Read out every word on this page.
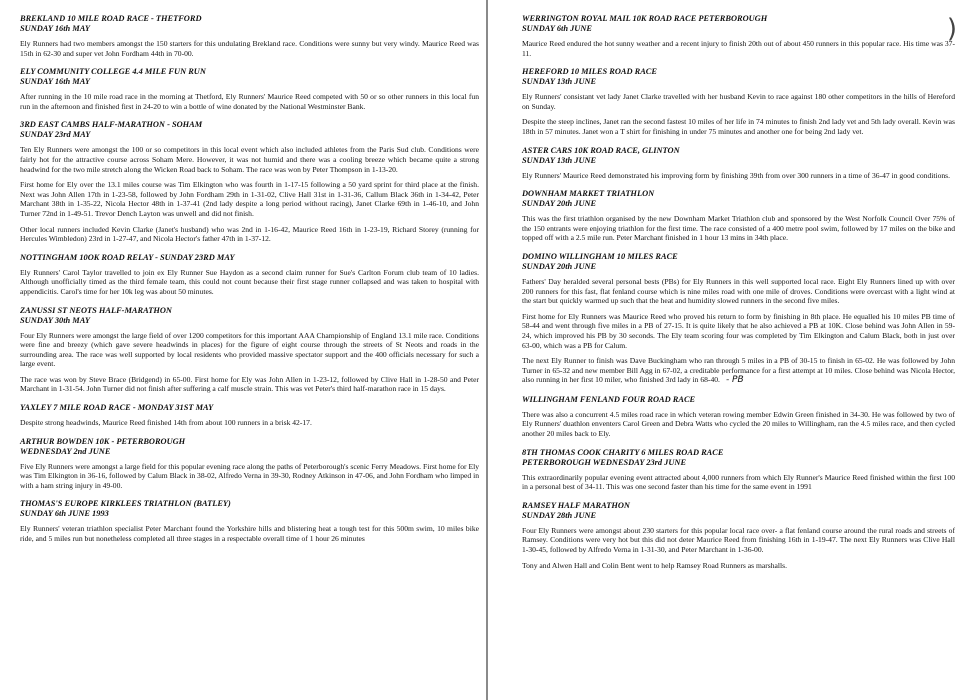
BREKLAND 10 MILE ROAD RACE - THETFORD
SUNDAY 16th MAY

Ely Runners had two members amongst the 150 starters for this undulating Brekland race. Conditions were sunny but very windy. Maurice Reed was 15th in 62-30 and super vet John Fordham 44th in 70-00.

ELY COMMUNITY COLLEGE 4.4 MILE FUN RUN
SUNDAY 16th MAY

After running in the 10 mile road race in the morning at Thetford, Ely Runners' Maurice Reed competed with 50 or so other runners in this local fun run in the afternoon and finished first in 24-20 to win a bottle of wine donated by the National Westminster Bank.

3RD EAST CAMBS HALF-MARATHON - SOHAM
SUNDAY 23rd MAY

Ten Ely Runners were amongst the 100 or so competitors in this local event which also included athletes from the Paris Sud club. Conditions were fairly hot for the attractive course across Soham Mere. However, it was not humid and there was a cooling breeze which became quite a strong headwind for the two mile stretch along the Wicken Road back to Soham. The race was won by Peter Thompson in 1-13-20.

First home for Ely over the 13.1 miles course was Tim Elkington who was fourth in 1-17-15 following a 50 yard sprint for third place at the finish. Next was John Allen 17th in 1-23-58, followed by John Fordham 29th in 1-31-02, Clive Hall 31st in 1-31-36, Callum Black 36th in 1-34-42, Peter Marchant 38th in 1-35-22, Nicola Hector 48th in 1-37-41 (2nd lady despite a long period without racing), Janet Clarke 69th in 1-46-10, and John Turner 72nd in 1-49-51. Trevor Dench Layton was unwell and did not finish.

Other local runners included Kevin Clarke (Janet's husband) who was 2nd in 1-16-42, Maurice Reed 16th in 1-23-19, Richard Storey (running for Hercules Wimbledon) 23rd in 1-27-47, and Nicola Hector's father 47th in 1-37-12.

NOTTINGHAM 10OK ROAD RELAY - SUNDAY 23RD MAY

Ely Runners' Carol Taylor travelled to join ex Ely Runner Sue Haydon as a second claim runner for Sue's Carlton Forum club team of 10 ladies. Although unofficially timed as the third female team, this could not count because their first stage runner collapsed and was taken to hospital with appendicitis. Carol's time for her 10k leg was about 50 minutes.

ZANUSSI ST NEOTS HALF-MARATHON
SUNDAY 30th MAY

Four Ely Runners were amongst the large field of over 1200 competitors for this important AAA Championship of England 13.1 mile race. Conditions were fine and breezy (which gave severe headwinds in places) for the figure of eight course through the streets of St Neots and roads in the surrounding area. The race was well supported by local residents who provided massive spectator support and the 400 officials necessary for such a large event.

The race was won by Steve Brace (Bridgend) in 65-00. First home for Ely was John Allen in 1-23-12, followed by Clive Hall in 1-28-50 and Peter Marchant in 1-31-54. John Turner did not finish after suffering a calf muscle strain. This was vet Peter's third half-marathon race in 15 days.

YAXLEY 7 MILE ROAD RACE - MONDAY 31ST MAY

Despite strong headwinds, Maurice Reed finished 14th from about 100 runners in a brisk 42-17.

ARTHUR BOWDEN 10K - PETERBOROUGH
WEDNESDAY 2nd JUNE

Five Ely Runners were amongst a large field for this popular evening race along the paths of Peterborough's scenic Ferry Meadows. First home for Ely was Tim Elkington in 36-16, followed by Calum Black in 38-02, Alfredo Verna in 39-30, Rodney Atkinson in 47-06, and John Fordham who limped in with a ham string injury in 49-00.

THOMAS'S EUROPE KIRKLEES TRIATHLON (BATLEY)
SUNDAY 6th JUNE 1993

Ely Runners' veteran triathlon specialist Peter Marchant found the Yorkshire hills and blistering heat a tough test for this 500m swim, 10 miles bike ride, and 5 miles run but nonetheless completed all three stages in a respectable overall time of 1 hour 26 minutes

)
WERRINGTON ROYAL MAIL 10K ROAD RACE PETERBOROUGH
SUNDAY 6th JUNE

Maurice Reed endured the hot sunny weather and a recent injury to finish 20th out of about 450 runners in this popular race. His time was 37-11.

HEREFORD 10 MILES ROAD RACE
SUNDAY 13th JUNE

Ely Runners' consistant vet lady Janet Clarke travelled with her husband Kevin to race against 180 other competitors in the hills of Hereford on Sunday.

Despite the steep inclines, Janet ran the second fastest 10 miles of her life in 74 minutes to finish 2nd lady vet and 5th lady overall. Kevin was 18th in 57 minutes. Janet won a T shirt for finishing in under 75 minutes and another one for being 2nd lady vet.

ASTER CARS 10K ROAD RACE, GLINTON
SUNDAY 13th JUNE

Ely Runners' Maurice Reed demonstrated his improving form by finishing 39th from over 300 runners in a time of 36-47 in good conditions.

DOWNHAM MARKET TRIATHLON
SUNDAY 20th JUNE

This was the first triathlon organised by the new Downham Market Triathlon club and sponsored by the West Norfolk Council Over 75% of the 150 entrants were enjoying triathlon for the first time. The race consisted of a 400 metre pool swim, followed by 17 miles on the bike and topped off with a 2.5 mile run. Peter Marchant finished in 1 hour 13 mins in 34th place.

DOMINO WILLINGHAM 10 MILES RACE
SUNDAY 20th JUNE

Fathers' Day heralded several personal bests (PBs) for Ely Runners in this well supported local race. Eight Ely Runners lined up with over 200 runners for this fast, flat fenland course which is nine miles road with one mile of droves. Conditions were overcast with a light wind at the start but quickly warmed up such that the heat and humidity slowed runners in the second five miles.

First home for Ely Runners was Maurice Reed who proved his return to form by finishing in 8th place. He equalled his 10 miles PB time of 58-44 and went through five miles in a PB of 27-15. It is quite likely that he also achieved a PB at 10K. Close behind was John Allen in 59-24, which improved his PB by 30 seconds. The Ely team scoring four was completed by Tim Elkington and Calum Black, both in just over 63-00, which was a PB for Calum.

The next Ely Runner to finish was Dave Buckingham who ran through 5 miles in a PB of 30-15 to finish in 65-02. He was followed by John Turner in 65-32 and new member Bill Agg in 67-02, a creditable performance for a first attempt at 10 miles. Close behind was Nicola Hector, also running in her first 10 miler, who finished 3rd lady in 68-40. - PB

WILLINGHAM FENLAND FOUR ROAD RACE

There was also a concurrent 4.5 miles road race in which veteran rowing member Edwin Green finished in 34-30. He was followed by two of Ely Runners' duathlon enventers Carol Green and Debra Watts who cycled the 20 miles to Willingham, ran the 4.5 miles race, and then cycled another 20 miles back to Ely.

8TH THOMAS COOK CHARITY 6 MILES ROAD RACE
PETERBOROUGH WEDNESDAY 23rd JUNE

This extraordinarily popular evening event attracted about 4,000 runners from which Ely Runner's Maurice Reed finished within the first 100 in a personal best of 34-11. This was one second faster than his time for the same event in 1991

RAMSEY HALF MARATHON
SUNDAY 28th JUNE

Four Ely Runners were amongst about 230 starters for this popular local race over- a flat fenland course around the rural roads and streets of Ramsey. Conditions were very hot but this did not deter Maurice Reed from finishing 16th in 1-19-47. The next Ely Runners was Clive Hall 1-30-45, followed by Alfredo Verna in 1-31-30, and Peter Marchant in 1-36-00.

Tony and Alwen Hall and Colin Bent went to help Ramsey Road Runners as marshalls.
